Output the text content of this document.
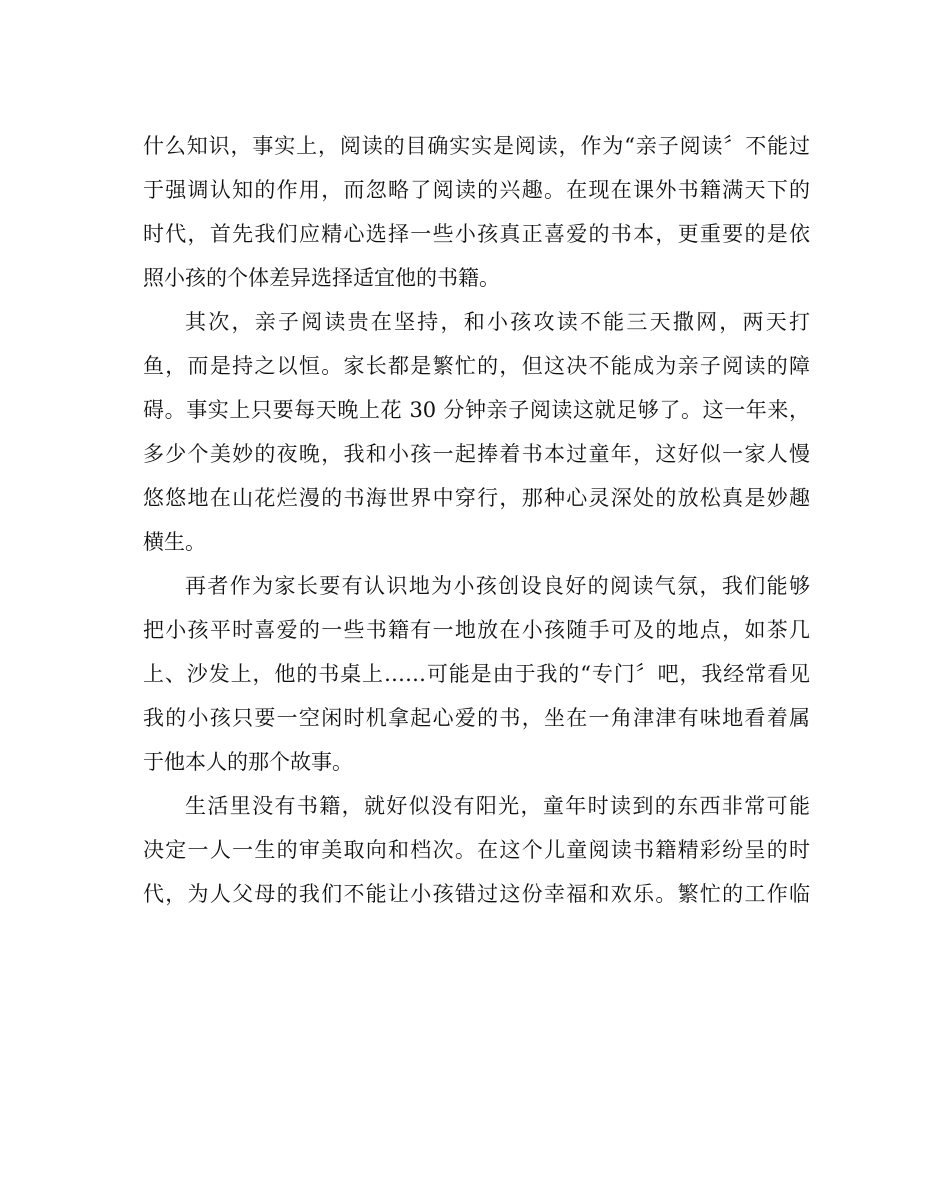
什么知识，事实上，阅读的目确实实是阅读，作为“亲子阅读〞不能过
于强调认知的作用，而忽略了阅读的兴趣。在现在课外书籍满天下的
时代，首先我们应精心选择一些小孩真正喜爱的书本，更重要的是依
照小孩的个体差异选择适宜他的书籍。
其次，亲子阅读贵在坚持，和小孩攻读不能三天撒网，两天打
鱼，而是持之以恒。家长都是繁忙的，但这决不能成为亲子阅读的障
碍。事实上只要每天晚上花 30 分钟亲子阅读这就足够了。这一年来，
多少个美妙的夜晚，我和小孩一起捧着书本过童年，这好似一家人慢
悠悠地在山花烂漫的书海世界中穿行，那种心灵深处的放松真是妙趣
横生。
再者作为家长要有认识地为小孩创设良好的阅读气氛，我们能够
把小孩平时喜爱的一些书籍有一地放在小孩随手可及的地点，如茶几
上、沙发上，他的书桌上……可能是由于我的“专门〞吧，我经常看见
我的小孩只要一空闲时机拿起心爱的书，坐在一角津津有味地看着属
于他本人的那个故事。
生活里没有书籍，就好似没有阳光，童年时读到的东西非常可能
决定一人一生的审美取向和档次。在这个儿童阅读书籍精彩纷呈的时
代，为人父母的我们不能让小孩错过这份幸福和欢乐。繁忙的工作临
